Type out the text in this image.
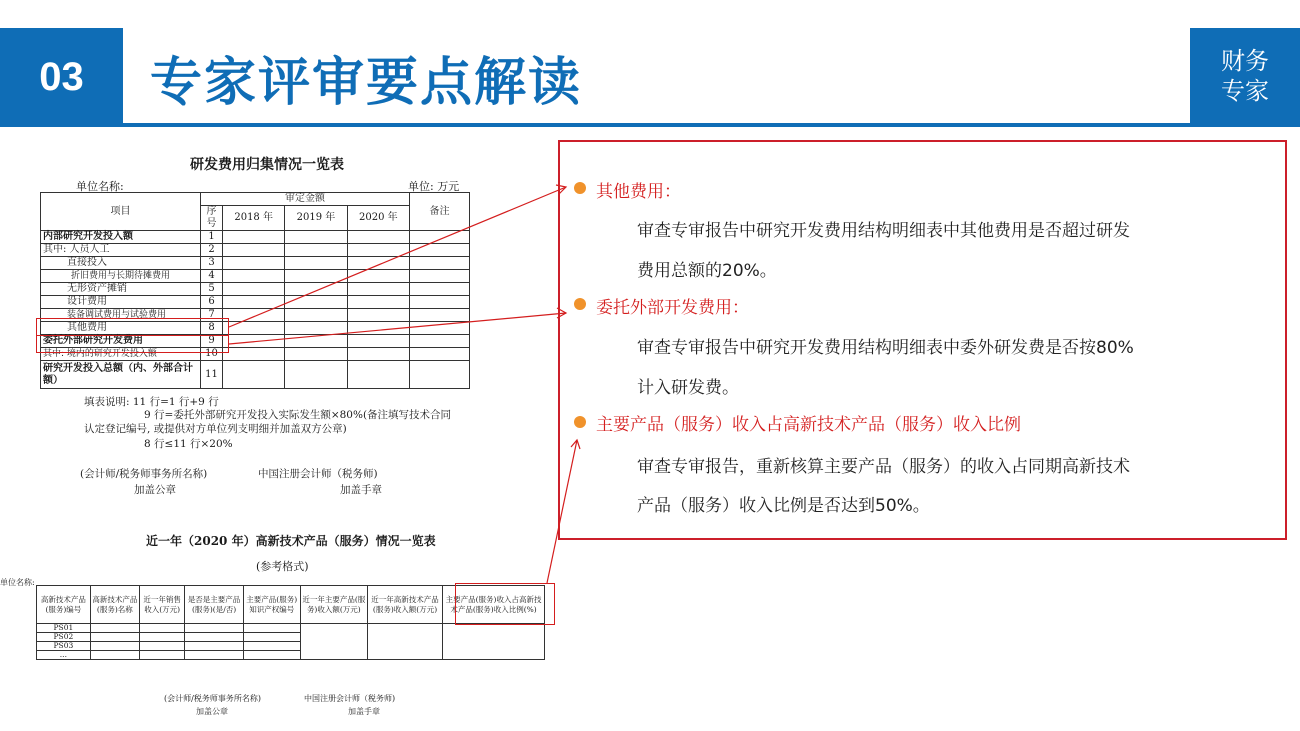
03	专家评审要点解读	财务
专家
研发费用归集情况一览表
单位名称:	单位: 万元
项目	审定金额				备注
	序号	2018 年	2019 年	2020 年	
内部研究开发投入额	1				
其中: 人员人工	2				
直接投入	3				
折旧费用与长期待摊费用	4				
无形资产摊销	5				
设计费用	6				
装备调试费用与试验费用	7				
其他费用	8				
委托外部研究开发费用	9				
其中: 境内的研究开发投入额	10				
研究开发投入总额（内、外部合计额）	11				
填表说明: 11 行=1 行+9 行
9 行=委托外部研究开发投入实际发生额×80%(备注填写技术合同
认定登记编号, 或提供对方单位列支明细并加盖双方公章)
8 行≤11 行×20%
(会计师/税务师事务所名称)	中国注册会计师（税务师)
加盖公章	加盖手章
其他费用：
审查专审报告中研究开发费用结构明细表中其他费用是否超过研发
费用总额的20%。
委托外部开发费用：
审查专审报告中研究开发费用结构明细表中委外研发费是否按80%
计入研发费。
主要产品（服务）收入占高新技术产品（服务）收入比例
审查专审报告，重新核算主要产品（服务）的收入占同期高新技术
产品（服务）收入比例是否达到50%。
近一年（2020 年）高新技术产品（服务）情况一览表
(参考格式)
单位名称:
高新技术产品(服务)编号	高新技术产品(服务)名称	近一年销售收入(万元)	是否是主要产品(服务)(是/否)	主要产品(服务)知识产权编号	近一年主要产品(服务)收入额(万元)	近一年高新技术产品(服务)收入额(万元)	主要产品(服务)收入占高新技术产品(服务)收入比例(%)
PS01							
PS02							
PS03							
...							
(会计师/税务师事务所名称)	中国注册会计师（税务师)
加盖公章	加盖手章
